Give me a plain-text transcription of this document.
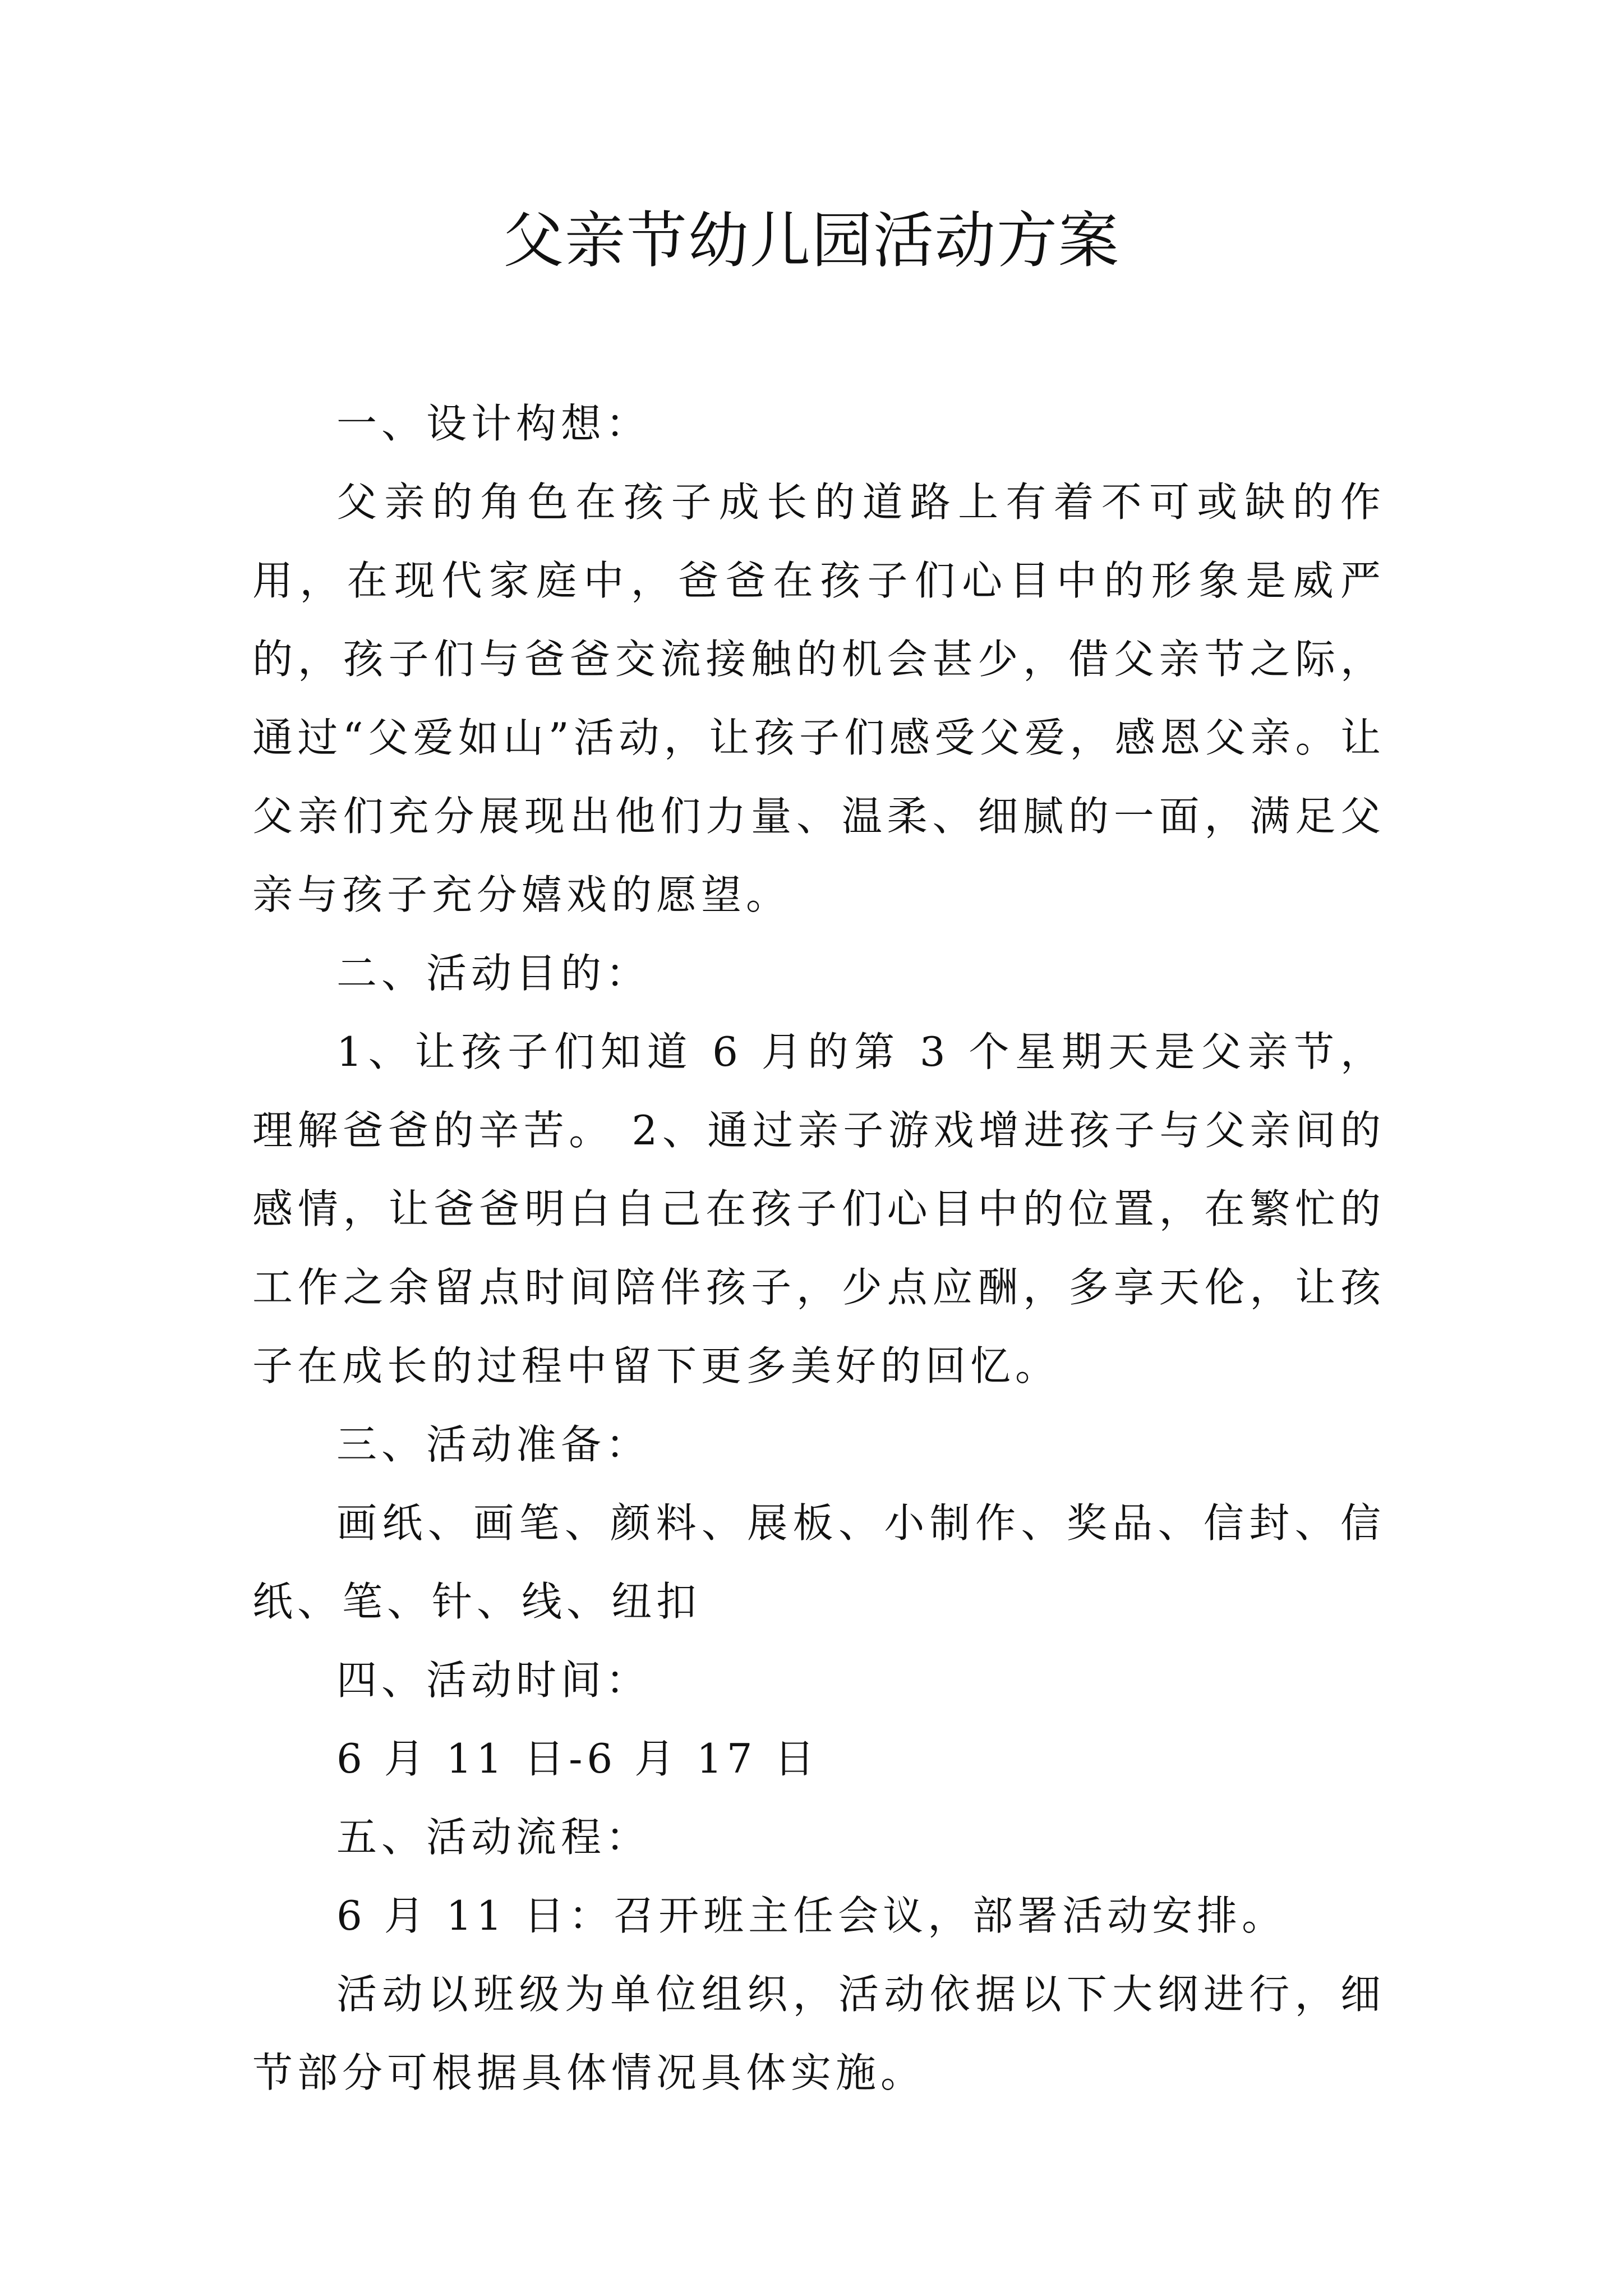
父亲节幼儿园活动方案

一、设计构想：

父亲的角色在孩子成长的道路上有着不可或缺的作用，在现代家庭中，爸爸在孩子们心目中的形象是威严的，孩子们与爸爸交流接触的机会甚少，借父亲节之际，通过“父爱如山”活动，让孩子们感受父爱，感恩父亲。让父亲们充分展现出他们力量、温柔、细腻的一面，满足父亲与孩子充分嬉戏的愿望。

二、活动目的：

1、让孩子们知道 6 月的第 3 个星期天是父亲节，理解爸爸的辛苦。 2、通过亲子游戏增进孩子与父亲间的感情，让爸爸明白自己在孩子们心目中的位置，在繁忙的工作之余留点时间陪伴孩子，少点应酬，多享天伦，让孩子在成长的过程中留下更多美好的回忆。

三、活动准备：

画纸、画笔、颜料、展板、小制作、奖品、信封、信纸、笔、针、线、纽扣

四、活动时间：

6 月 11 日-6 月 17 日

五、活动流程：

6 月 11 日：召开班主任会议，部署活动安排。

活动以班级为单位组织，活动依据以下大纲进行，细节部分可根据具体情况具体实施。
